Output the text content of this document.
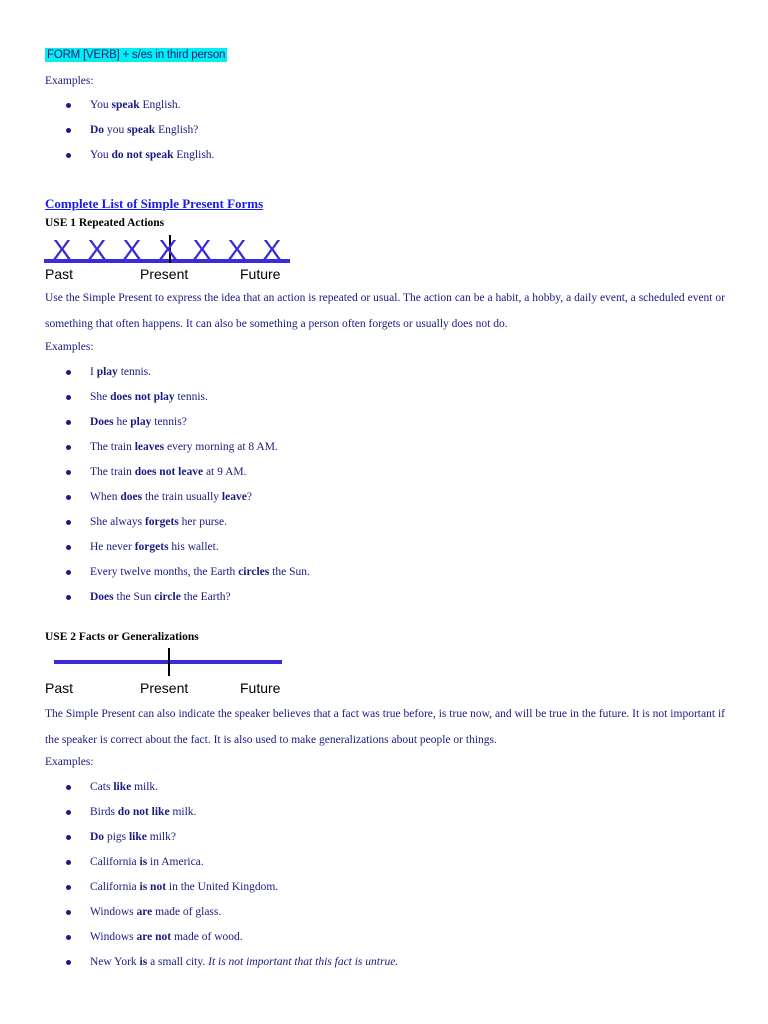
FORM [VERB] + s/es in third person
Examples:
You speak English.
Do you speak English?
You do not speak English.
Complete List of Simple Present Forms
USE 1 Repeated Actions
X X X X X X X
Past	Present	Future
Use the Simple Present to express the idea that an action is repeated or usual. The action can be a habit, a hobby, a daily event, a scheduled event or something that often happens. It can also be something a person often forgets or usually does not do.
Examples:
I play tennis.
She does not play tennis.
Does he play tennis?
The train leaves every morning at 8 AM.
The train does not leave at 9 AM.
When does the train usually leave?
She always forgets her purse.
He never forgets his wallet.
Every twelve months, the Earth circles the Sun.
Does the Sun circle the Earth?
USE 2 Facts or Generalizations
Past	Present	Future
The Simple Present can also indicate the speaker believes that a fact was true before, is true now, and will be true in the future. It is not important if the speaker is correct about the fact. It is also used to make generalizations about people or things.
Examples:
Cats like milk.
Birds do not like milk.
Do pigs like milk?
California is in America.
California is not in the United Kingdom.
Windows are made of glass.
Windows are not made of wood.
New York is a small city. It is not important that this fact is untrue.
